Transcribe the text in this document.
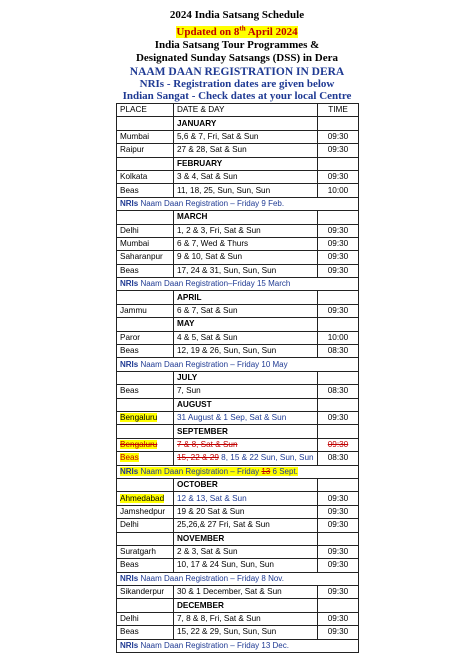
2024 India Satsang Schedule
Updated on 8th April 2024
India Satsang Tour Programmes &
Designated Sunday Satsangs (DSS) in Dera
NAAM DAAN REGISTRATION IN DERA
NRIs - Registration dates are given below
Indian Sangat - Check dates at your local Centre
PLACE	DATE & DAY	TIME
	JANUARY	
Mumbai	5,6 & 7, Fri, Sat & Sun	09:30
Raipur	27 & 28, Sat & Sun	09:30
	FEBRUARY	
Kolkata	3 & 4, Sat & Sun	09:30
Beas	11, 18, 25, Sun, Sun, Sun	10:00
NRIs Naam Daan Registration – Friday 9 Feb.		
	MARCH	
Delhi	1, 2 & 3, Fri, Sat & Sun	09:30
Mumbai	6 & 7, Wed & Thurs	09:30
Saharanpur	9 & 10, Sat & Sun	09:30
Beas	17, 24 & 31, Sun, Sun, Sun	09:30
NRIs Naam Daan Registration–Friday 15 March		
	APRIL	
Jammu	6 & 7, Sat & Sun	09:30
	MAY	
Paror	4 & 5, Sat & Sun	10:00
Beas	12, 19 & 26, Sun, Sun, Sun	08:30
NRIs Naam Daan Registration – Friday 10 May		
	JULY	
Beas	7, Sun	08:30
	AUGUST	
Bengaluru	31 August & 1 Sep, Sat & Sun	09:30
	SEPTEMBER	
Bengaluru	7 & 8, Sat & Sun	09:30
Beas	15, 22 & 29 8, 15 & 22 Sun, Sun, Sun	08:30
NRIs Naam Daan Registration – Friday 13 6 Sept.		
	OCTOBER	
Ahmedabad	12 & 13, Sat & Sun	09:30
Jamshedpur	19 & 20 Sat & Sun	09:30
Delhi	25,26,& 27 Fri, Sat & Sun	09:30
	NOVEMBER	
Suratgarh	2 & 3, Sat & Sun	09:30
Beas	10, 17 & 24 Sun, Sun, Sun	09:30
NRIs Naam Daan Registration – Friday 8 Nov.		
Sikanderpur	30 & 1 December, Sat & Sun	09:30
	DECEMBER	
Delhi	7, 8 & 8, Fri, Sat & Sun	09:30
Beas	15, 22 & 29, Sun, Sun, Sun	09:30
NRIs Naam Daan Registration – Friday 13 Dec.		
